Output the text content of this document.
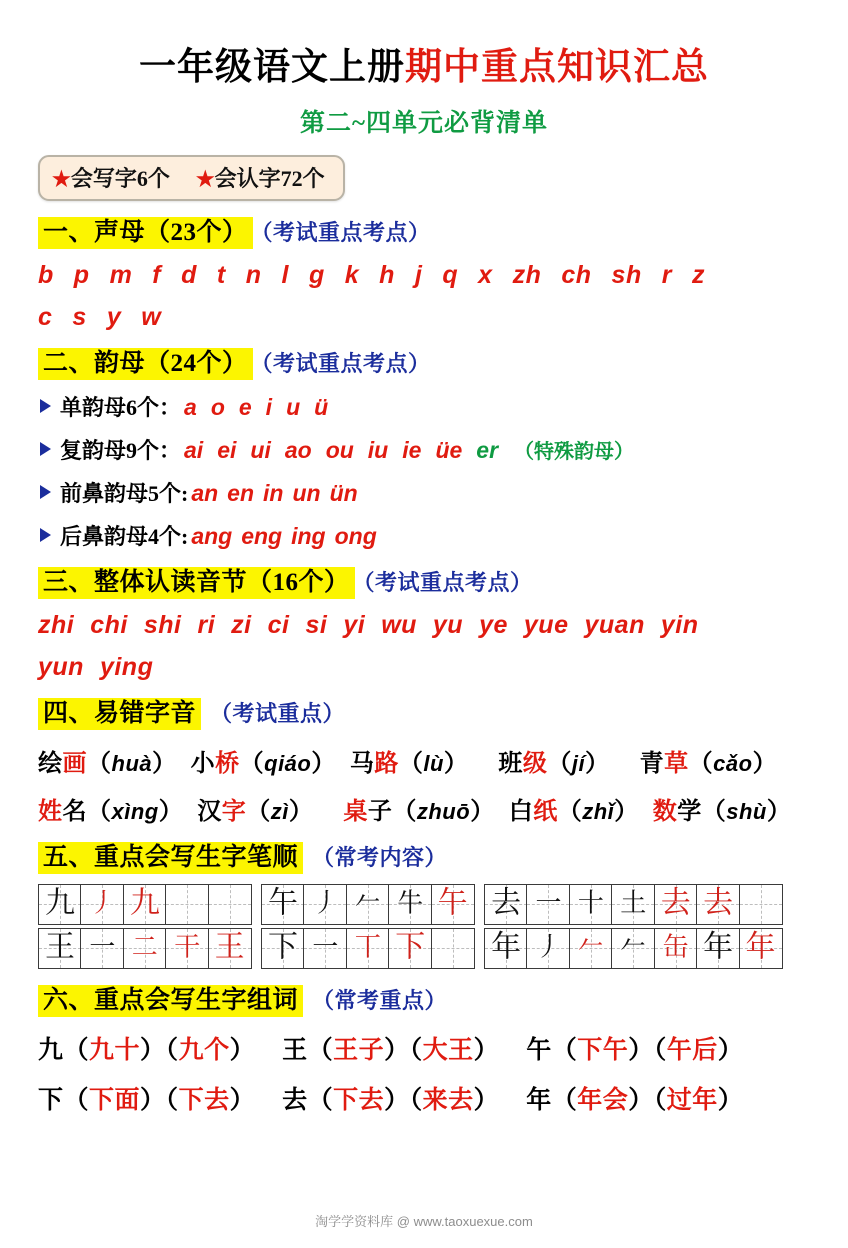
一年级语文上册期中重点知识汇总
第二~四单元必背清单
★会写字6个 ★会认字72个
一、声母（23个） （考试重点考点）
b p m f d t n l g k h j q x zh ch sh r z
c s y w
二、韵母（24个） （考试重点考点）
单韵母6个： a o e i u ü
复韵母9个： ai ei ui ao ou iu ie üe er （特殊韵母）
前鼻韵母5个: an en in un ün
后鼻韵母4个: ang eng ing ong
三、整体认读音节（16个） （考试重点考点）
zhi chi shi ri zi ci si yi wu yu ye yue yuan yin
yun ying
四、易错字音 （考试重点）
绘画（huà） 小桥（qiáo） 马路（lù） 班级（jí） 青草（cǎo）
姓名（xìng） 汉字（zì） 桌子（zhuō） 白纸（zhǐ） 数学（shù）
五、重点会写生字笔顺 （常考内容）
九 丿 九
王 一 二 干 王
午 丿 𠂉 牛 午
下 一 丅 下
去 一 十 土 去 去
年 丿 𠂉 𠂉 缶 年 年
六、重点会写生字组词 （常考重点）
九（九十）（九个） 王（王子）（大王） 午（下午）（午后）
下（下面）（下去） 去（下去）（来去） 年（年会）（过年）
淘学学资料库 @ www.taoxuexue.com
